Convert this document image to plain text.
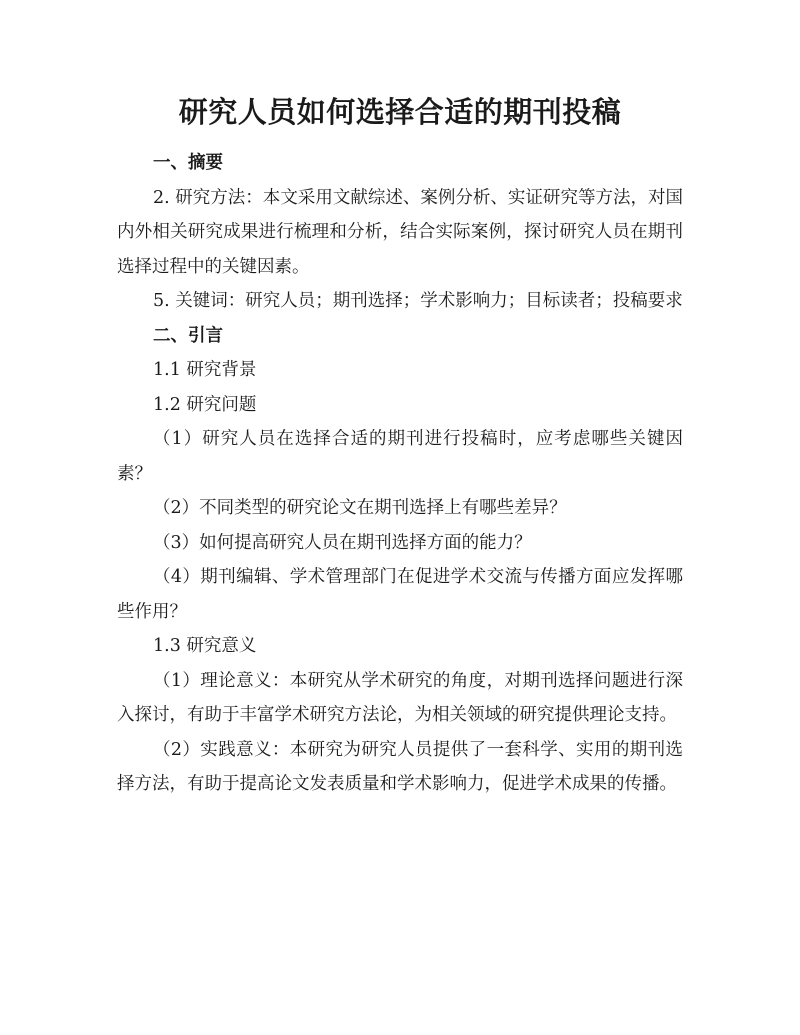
研究人员如何选择合适的期刊投稿

一、摘要

2. 研究方法：本文采用文献综述、案例分析、实证研究等方法，对国内外相关研究成果进行梳理和分析，结合实际案例，探讨研究人员在期刊选择过程中的关键因素。

5. 关键词：研究人员；期刊选择；学术影响力；目标读者；投稿要求

二、引言

1.1 研究背景

1.2 研究问题

（1）研究人员在选择合适的期刊进行投稿时，应考虑哪些关键因素？

（2）不同类型的研究论文在期刊选择上有哪些差异？

（3）如何提高研究人员在期刊选择方面的能力？

（4）期刊编辑、学术管理部门在促进学术交流与传播方面应发挥哪些作用？

1.3 研究意义

（1）理论意义：本研究从学术研究的角度，对期刊选择问题进行深入探讨，有助于丰富学术研究方法论，为相关领域的研究提供理论支持。

（2）实践意义：本研究为研究人员提供了一套科学、实用的期刊选择方法，有助于提高论文发表质量和学术影响力，促进学术成果的传播。
